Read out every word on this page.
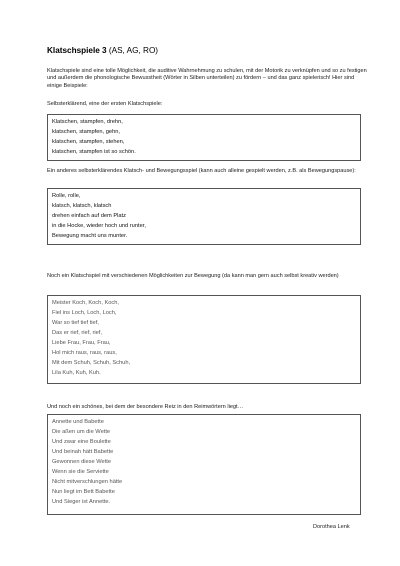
Klatschspiele 3 (AS, AG, RO)

Klatschspiele sind eine tolle Möglichkeit, die auditive Wahrnehmung zu schulen, mit der Motorik zu verknüpfen und so zu festigen und außerdem die phonologische Bewusstheit (Wörter in Silben unterteilen) zu fördern – und das ganz spielerisch! Hier sind einige Beispiele:

Selbsterklärend, eine der ersten Klatschspiele:

Klatschen, stampfen, drehn,
klatschen, stampfen, gehn,
klatschen, stampfen, stehen,
klatschen, stampfen ist so schön.

Ein anderes selbsterklärendes Klatsch- und Bewegungsspiel (kann auch alleine gespielt werden, z.B. als Bewegungspause):

Rolle, rolle,
klatsch, klatsch, klatsch
drehen einfach auf dem Platz
in die Hocke, wieder hoch und runter,
Bewegung macht uns munter.

Noch ein Klatschspiel mit verschiedenen Möglichkeiten zur Bewegung (da kann man gern auch selbst kreativ werden)

Meister Koch, Koch, Koch,
Fiel ins Loch, Loch, Loch,
War so tief tief tief,
Das er rief, rief, rief,
Liebe Frau, Frau, Frau,
Hol mich raus, raus, raus,
Mit dem Schuh, Schuh, Schuh,
Lila Kuh, Kuh, Kuh.

Und noch ein schönes, bei dem der besondere Reiz in den Reimwörtern liegt…

Annette und Babette
Die aßen um die Wette
Und zwar eine Boulette
Und beinah hätt Babette
Gewonnen diese Wette
Wenn sie die Serviette
Nicht mitverschlungen hätte
Nun liegt im Bett Babette
Und Sieger ist Annette.
Dorothea Lenk
